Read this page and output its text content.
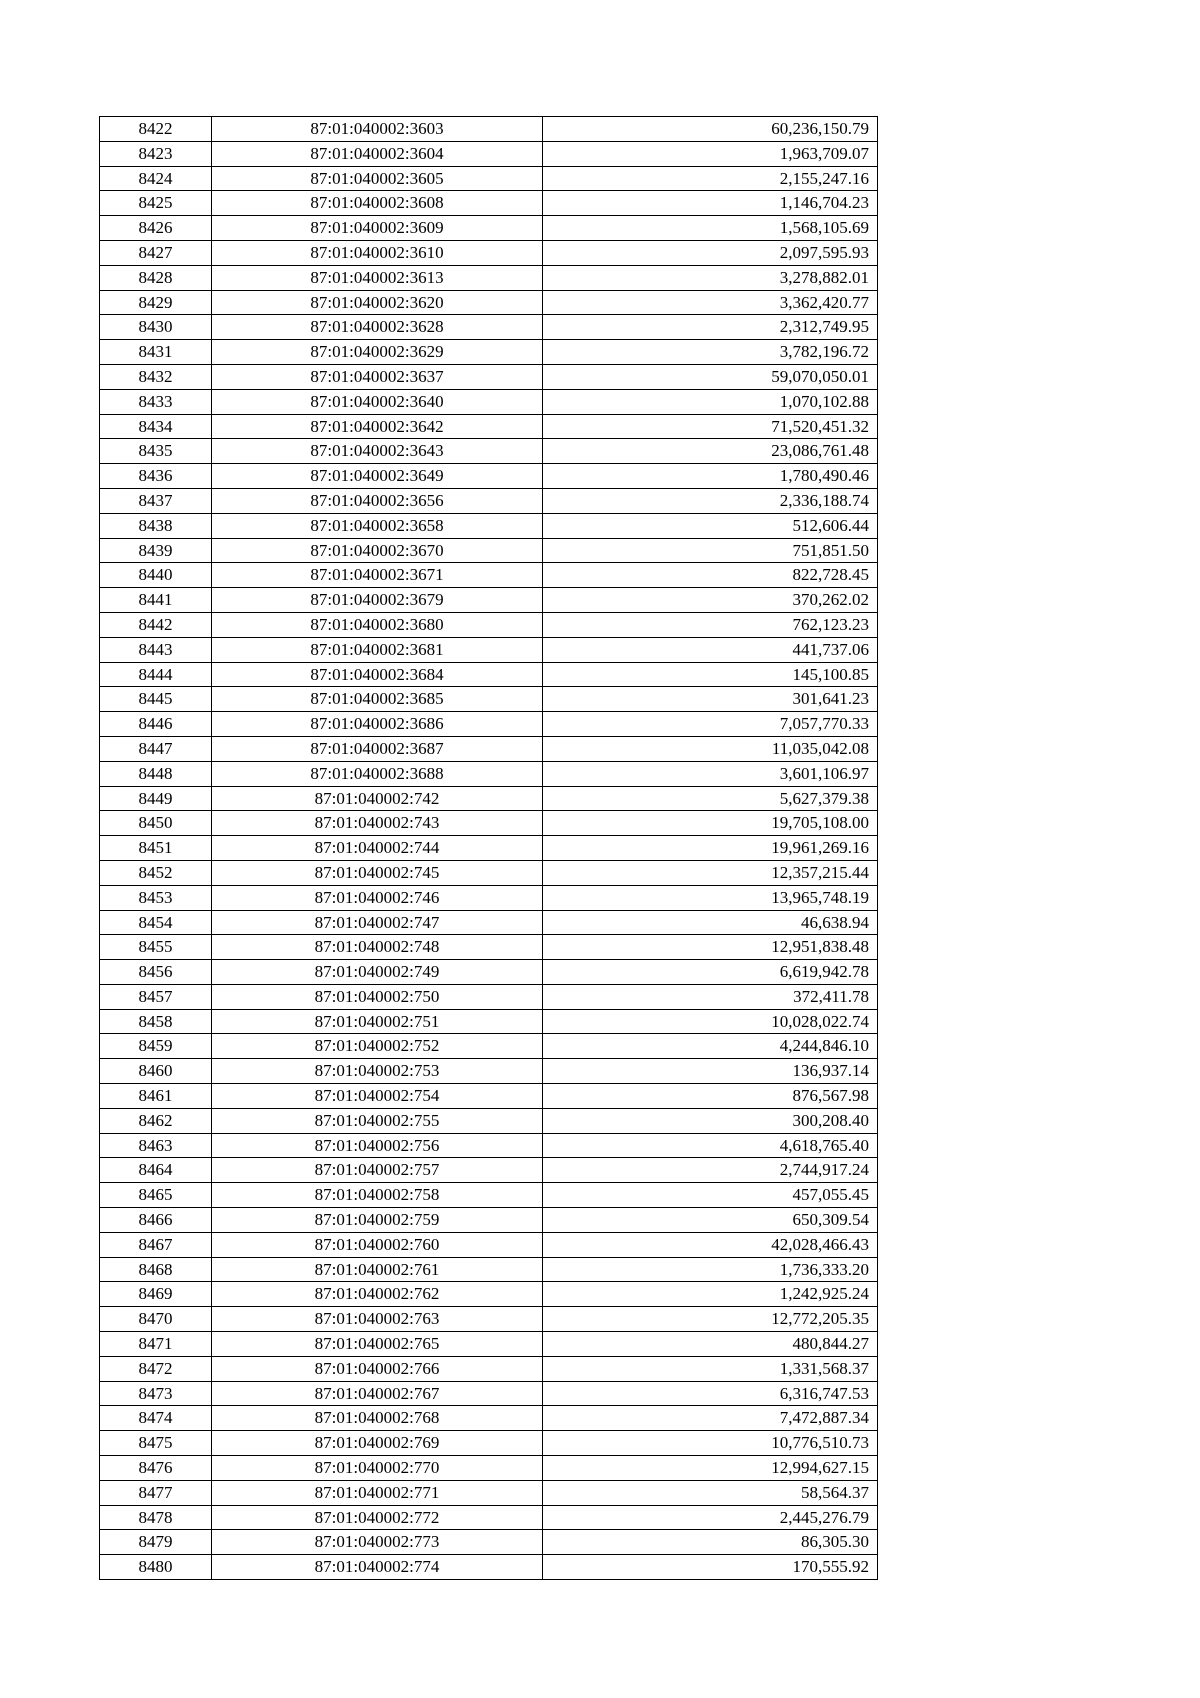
8422	87:01:040002:3603	60,236,150.79
8423	87:01:040002:3604	1,963,709.07
8424	87:01:040002:3605	2,155,247.16
8425	87:01:040002:3608	1,146,704.23
8426	87:01:040002:3609	1,568,105.69
8427	87:01:040002:3610	2,097,595.93
8428	87:01:040002:3613	3,278,882.01
8429	87:01:040002:3620	3,362,420.77
8430	87:01:040002:3628	2,312,749.95
8431	87:01:040002:3629	3,782,196.72
8432	87:01:040002:3637	59,070,050.01
8433	87:01:040002:3640	1,070,102.88
8434	87:01:040002:3642	71,520,451.32
8435	87:01:040002:3643	23,086,761.48
8436	87:01:040002:3649	1,780,490.46
8437	87:01:040002:3656	2,336,188.74
8438	87:01:040002:3658	512,606.44
8439	87:01:040002:3670	751,851.50
8440	87:01:040002:3671	822,728.45
8441	87:01:040002:3679	370,262.02
8442	87:01:040002:3680	762,123.23
8443	87:01:040002:3681	441,737.06
8444	87:01:040002:3684	145,100.85
8445	87:01:040002:3685	301,641.23
8446	87:01:040002:3686	7,057,770.33
8447	87:01:040002:3687	11,035,042.08
8448	87:01:040002:3688	3,601,106.97
8449	87:01:040002:742	5,627,379.38
8450	87:01:040002:743	19,705,108.00
8451	87:01:040002:744	19,961,269.16
8452	87:01:040002:745	12,357,215.44
8453	87:01:040002:746	13,965,748.19
8454	87:01:040002:747	46,638.94
8455	87:01:040002:748	12,951,838.48
8456	87:01:040002:749	6,619,942.78
8457	87:01:040002:750	372,411.78
8458	87:01:040002:751	10,028,022.74
8459	87:01:040002:752	4,244,846.10
8460	87:01:040002:753	136,937.14
8461	87:01:040002:754	876,567.98
8462	87:01:040002:755	300,208.40
8463	87:01:040002:756	4,618,765.40
8464	87:01:040002:757	2,744,917.24
8465	87:01:040002:758	457,055.45
8466	87:01:040002:759	650,309.54
8467	87:01:040002:760	42,028,466.43
8468	87:01:040002:761	1,736,333.20
8469	87:01:040002:762	1,242,925.24
8470	87:01:040002:763	12,772,205.35
8471	87:01:040002:765	480,844.27
8472	87:01:040002:766	1,331,568.37
8473	87:01:040002:767	6,316,747.53
8474	87:01:040002:768	7,472,887.34
8475	87:01:040002:769	10,776,510.73
8476	87:01:040002:770	12,994,627.15
8477	87:01:040002:771	58,564.37
8478	87:01:040002:772	2,445,276.79
8479	87:01:040002:773	86,305.30
8480	87:01:040002:774	170,555.92
